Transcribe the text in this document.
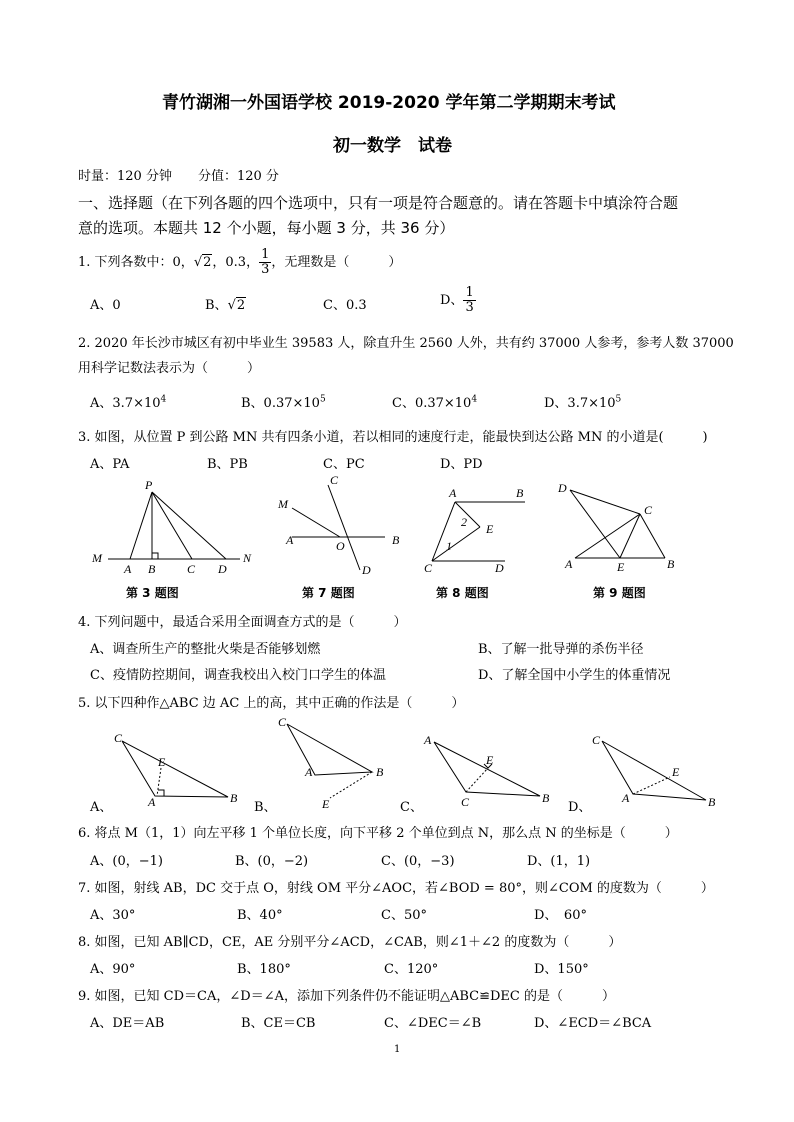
青竹湖湘一外国语学校 2019-2020 学年第二学期期末考试
初一数学　试卷
时量：120 分钟　　分值：120 分
一、选择题（在下列各题的四个选项中，只有一项是符合题意的。请在答题卡中填涂符合题
意的选项。本题共 12 个小题，每小题 3 分，共 36 分）
1. 下列各数中：0，√2，0.3， $\frac{1}{3}$ ，无理数是（　　　）
A、0	B、√2	C、0.3	D、 $\frac{1}{3}$
2. 2020 年长沙市城区有初中毕业生 39583 人，除直升生 2560 人外，共有约 37000 人参考，参考人数 37000
用科学记数法表示为（　　　）
A、$3.7\times 10^4$	B、$0.37\times 10^5$	C、$0.37\times 10^4$	D、$3.7\times 10^5$
3. 如图，从位置 P 到公路 MN 共有四条小道，若以相同的速度行走，能最快到达公路 MN 的小道是(　　　)
A、PA	B、PB	C、PC	D、PD
P
M	N
A B	C D
C
M
A	O	B
D
A	B
E
2
1
C	D
D
C
A	E	B
第 3 题图	第 7 题图	第 8 题图	第 9 题图
4. 下列问题中，最适合采用全面调查方式的是（　　　）
A、调查所生产的整批火柴是否能够划燃	B、了解一批导弹的杀伤半径
C、疫情防控期间，调查我校出入校门口学生的体温	D、了解全国中小学生的体重情况
5. 以下四种作△ABC 边 AC 上的高，其中正确的作法是（　　　）
C
E
A	B
C
A	B
E
A
E
C	B
C
E
A	B
A、	B、	C、	D、
6. 将点 M（1，1）向左平移 1 个单位长度，向下平移 2 个单位到点 N，那么点 N 的坐标是（　　　）
A、(0，−1)	B、(0，−2)	C、(0，−3)	D、(1，1)
7. 如图，射线 AB，DC 交于点 O，射线 OM 平分∠AOC，若∠BOD = 80°，则∠COM 的度数为（　　　）
A、30°	B、40°	C、50°	D、　60°
8. 如图，已知 AB∥CD，CE，AE 分别平分∠ACD，∠CAB，则∠1＋∠2 的度数为（　　　）
A、90°	B、180°	C、120°	D、150°
9. 如图，已知 CD＝CA，∠D＝∠A，添加下列条件仍不能证明△ABC≌DEC 的是（　　　）
A、DE＝AB	B、CE＝CB	C、∠DEC＝∠B	D、∠ECD＝∠BCA
1
